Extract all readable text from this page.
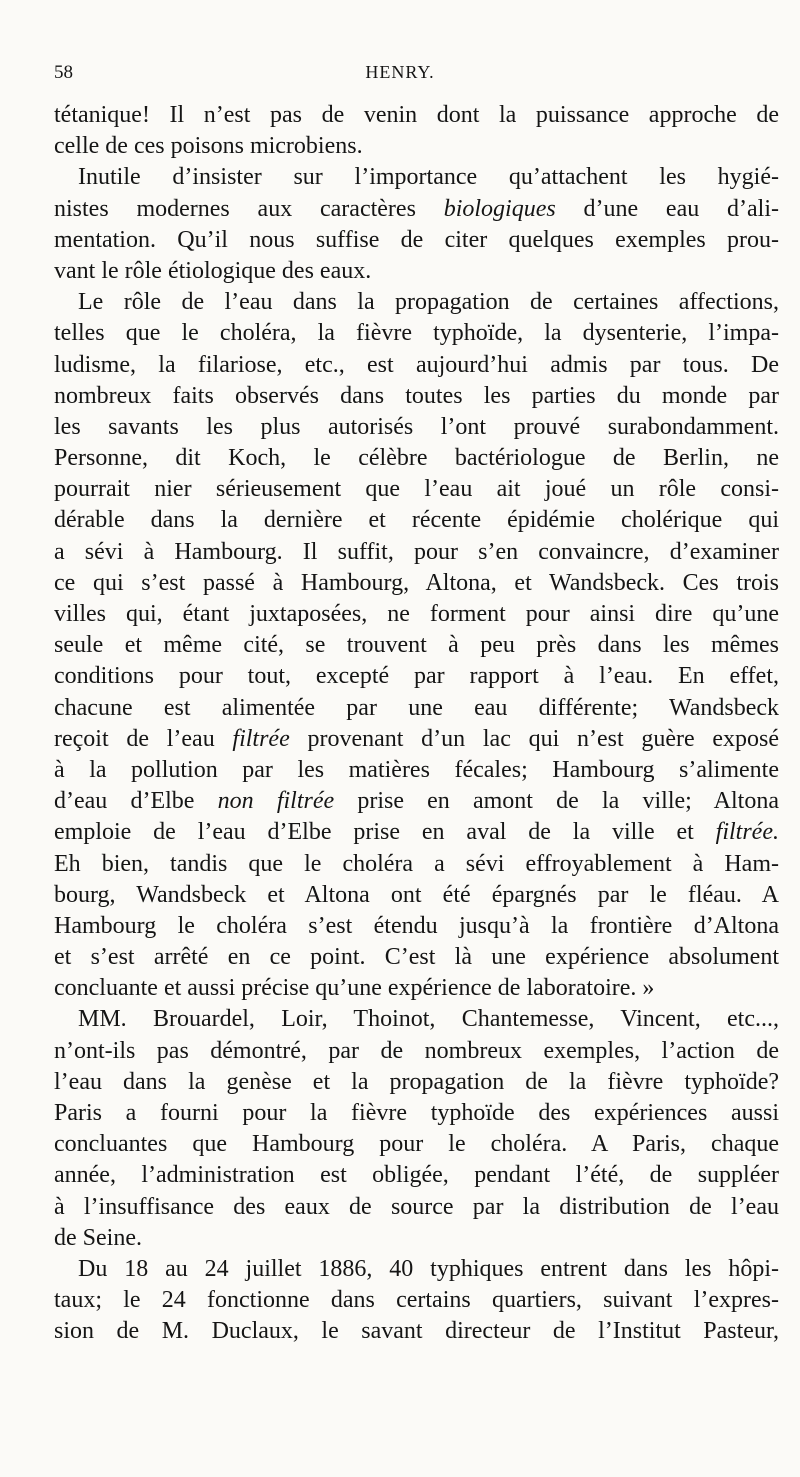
58	HENRY.
tétanique! Il n’est pas de venin dont la puissance approche de
celle de ces poisons microbiens.
Inutile d’insister sur l’importance qu’attachent les hygié-
nistes modernes aux caractères biologiques d’une eau d’ali-
mentation. Qu’il nous suffise de citer quelques exemples prou-
vant le rôle étiologique des eaux.
Le rôle de l’eau dans la propagation de certaines affections,
telles que le choléra, la fièvre typhoïde, la dysenterie, l’impa-
ludisme, la filariose, etc., est aujourd’hui admis par tous. De
nombreux faits observés dans toutes les parties du monde par
les savants les plus autorisés l’ont prouvé surabondamment.
Personne, dit Koch, le célèbre bactériologue de Berlin, ne
pourrait nier sérieusement que l’eau ait joué un rôle consi-
dérable dans la dernière et récente épidémie cholérique qui
a sévi à Hambourg. Il suffit, pour s’en convaincre, d’examiner
ce qui s’est passé à Hambourg, Altona, et Wandsbeck. Ces trois
villes qui, étant juxtaposées, ne forment pour ainsi dire qu’une
seule et même cité, se trouvent à peu près dans les mêmes
conditions pour tout, excepté par rapport à l’eau. En effet,
chacune est alimentée par une eau différente; Wandsbeck
reçoit de l’eau filtrée provenant d’un lac qui n’est guère exposé
à la pollution par les matières fécales; Hambourg s’alimente
d’eau d’Elbe non filtrée prise en amont de la ville; Altona
emploie de l’eau d’Elbe prise en aval de la ville et filtrée.
Eh bien, tandis que le choléra a sévi effroyablement à Ham-
bourg, Wandsbeck et Altona ont été épargnés par le fléau. A
Hambourg le choléra s’est étendu jusqu’à la frontière d’Altona
et s’est arrêté en ce point. C’est là une expérience absolument
concluante et aussi précise qu’une expérience de laboratoire. »
MM. Brouardel, Loir, Thoinot, Chantemesse, Vincent, etc...,
n’ont-ils pas démontré, par de nombreux exemples, l’action de
l’eau dans la genèse et la propagation de la fièvre typhoïde?
Paris a fourni pour la fièvre typhoïde des expériences aussi
concluantes que Hambourg pour le choléra. A Paris, chaque
année, l’administration est obligée, pendant l’été, de suppléer
à l’insuffisance des eaux de source par la distribution de l’eau
de Seine.
Du 18 au 24 juillet 1886, 40 typhiques entrent dans les hôpi-
taux; le 24 fonctionne dans certains quartiers, suivant l’expres-
sion de M. Duclaux, le savant directeur de l’Institut Pasteur,
